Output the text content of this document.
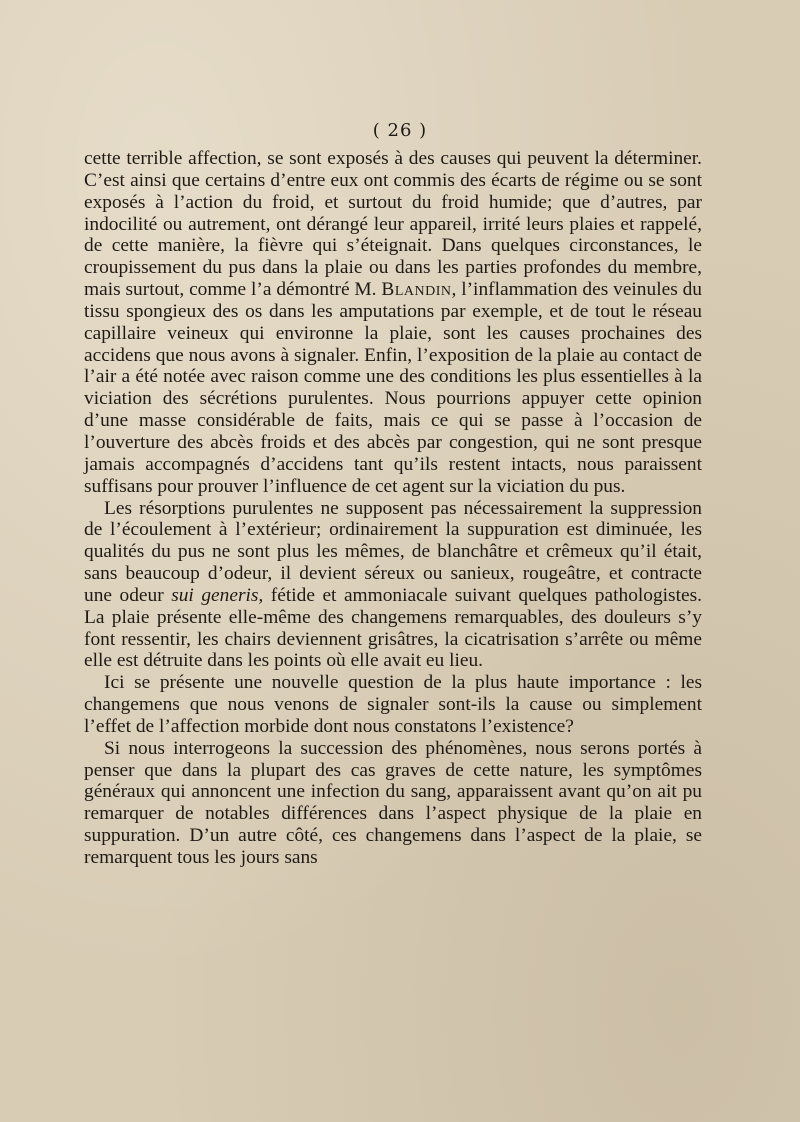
( 26 )

cette terrible affection, se sont exposés à des causes qui peuvent la déterminer. C’est ainsi que certains d’entre eux ont commis des écarts de régime ou se sont exposés à l’action du froid, et surtout du froid humide; que d’autres, par indocilité ou autrement, ont dérangé leur appareil, irrité leurs plaies et rappelé, de cette manière, la fièvre qui s’éteignait. Dans quelques circonstances, le croupissement du pus dans la plaie ou dans les parties profondes du membre, mais surtout, comme l’a démontré M. Blandin, l’inflammation des veinules du tissu spongieux des os dans les amputations par exemple, et de tout le réseau capillaire veineux qui environne la plaie, sont les causes prochaines des accidens que nous avons à signaler. Enfin, l’exposition de la plaie au contact de l’air a été notée avec raison comme une des conditions les plus essentielles à la viciation des sécrétions purulentes. Nous pourrions appuyer cette opinion d’une masse considérable de faits, mais ce qui se passe à l’occasion de l’ouverture des abcès froids et des abcès par congestion, qui ne sont presque jamais accompagnés d’accidens tant qu’ils restent intacts, nous paraissent suffisans pour prouver l’influence de cet agent sur la viciation du pus.

Les résorptions purulentes ne supposent pas nécessairement la suppression de l’écoulement à l’extérieur; ordinairement la suppuration est diminuée, les qualités du pus ne sont plus les mêmes, de blanchâtre et crêmeux qu’il était, sans beaucoup d’odeur, il devient séreux ou sanieux, rougeâtre, et contracte une odeur sui generis, fétide et ammoniacale suivant quelques pathologistes. La plaie présente elle-même des changemens remarquables, des douleurs s’y font ressentir, les chairs deviennent grisâtres, la cicatrisation s’arrête ou même elle est détruite dans les points où elle avait eu lieu.

Ici se présente une nouvelle question de la plus haute importance : les changemens que nous venons de signaler sont-ils la cause ou simplement l’effet de l’affection morbide dont nous constatons l’existence?

Si nous interrogeons la succession des phénomènes, nous serons portés à penser que dans la plupart des cas graves de cette nature, les symptômes généraux qui annoncent une infection du sang, apparaissent avant qu’on ait pu remarquer de notables différences dans l’aspect physique de la plaie en suppuration. D’un autre côté, ces changemens dans l’aspect de la plaie, se remarquent tous les jours sans
